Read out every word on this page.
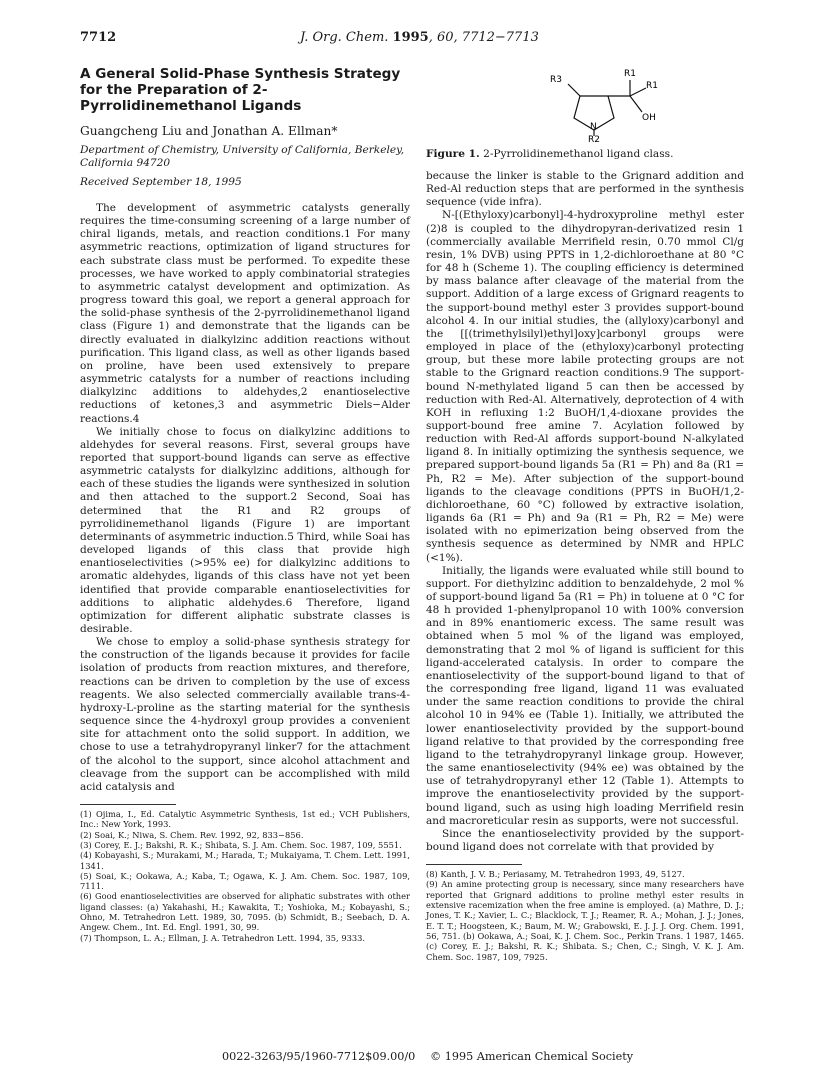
7712	J. Org. Chem. 1995, 60, 7712−7713
A General Solid-Phase Synthesis Strategy for the Preparation of 2-Pyrrolidinemethanol Ligands
Guangcheng Liu and Jonathan A. Ellman*
Department of Chemistry, University of California, Berkeley, California 94720
Received September 18, 1995

The development of asymmetric catalysts generally requires the time-consuming screening of a large number of chiral ligands, metals, and reaction conditions.1 For many asymmetric reactions, optimization of ligand structures for each substrate class must be performed. To expedite these processes, we have worked to apply combinatorial strategies to asymmetric catalyst development and optimization. As progress toward this goal, we report a general approach for the solid-phase synthesis of the 2-pyrrolidinemethanol ligand class (Figure 1) and demonstrate that the ligands can be directly evaluated in dialkylzinc addition reactions without purification. This ligand class, as well as other ligands based on proline, have been used extensively to prepare asymmetric catalysts for a number of reactions including dialkylzinc additions to aldehydes,2 enantioselective reductions of ketones,3 and asymmetric Diels−Alder reactions.4

We initially chose to focus on dialkylzinc additions to aldehydes for several reasons. First, several groups have reported that support-bound ligands can serve as effective asymmetric catalysts for dialkylzinc additions, although for each of these studies the ligands were synthesized in solution and then attached to the support.2 Second, Soai has determined that the R1 and R2 groups of pyrrolidinemethanol ligands (Figure 1) are important determinants of asymmetric induction.5 Third, while Soai has developed ligands of this class that provide high enantioselectivities (>95% ee) for dialkylzinc additions to aromatic aldehydes, ligands of this class have not yet been identified that provide comparable enantioselectivities for additions to aliphatic aldehydes.6 Therefore, ligand optimization for different aliphatic substrate classes is desirable.

We chose to employ a solid-phase synthesis strategy for the construction of the ligands because it provides for facile isolation of products from reaction mixtures, and therefore, reactions can be driven to completion by the use of excess reagents. We also selected commercially available trans-4-hydroxy-L-proline as the starting material for the synthesis sequence since the 4-hydroxyl group provides a convenient site for attachment onto the solid support. In addition, we chose to use a tetrahydropyranyl linker7 for the attachment of the alcohol to the support, since alcohol attachment and cleavage from the support can be accomplished with mild acid catalysis and

(1) Ojima, I., Ed. Catalytic Asymmetric Synthesis, 1st ed.; VCH Publishers, Inc.: New York, 1993.

(2) Soai, K.; Niwa, S. Chem. Rev. 1992, 92, 833−856.

(3) Corey, E. J.; Bakshi, R. K.; Shibata, S. J. Am. Chem. Soc. 1987, 109, 5551.

(4) Kobayashi, S.; Murakami, M.; Harada, T.; Mukaiyama, T. Chem. Lett. 1991, 1341.

(5) Soai, K.; Ookawa, A.; Kaba, T.; Ogawa, K. J. Am. Chem. Soc. 1987, 109, 7111.

(6) Good enantioselectivities are observed for aliphatic substrates with other ligand classes: (a) Yakahashi, H.; Kawakita, T.; Yoshioka, M.; Kobayashi, S.; Ohno, M. Tetrahedron Lett. 1989, 30, 7095. (b) Schmidt, B.; Seebach, D. A. Angew. Chem., Int. Ed. Engl. 1991, 30, 99.

(7) Thompson, L. A.; Ellman, J. A. Tetrahedron Lett. 1994, 35, 9333.

R3
R1
R1
N
OH
R2
Figure 1. 2-Pyrrolidinemethanol ligand class.

because the linker is stable to the Grignard addition and Red-Al reduction steps that are performed in the synthesis sequence (vide infra).

N-[(Ethyloxy)carbonyl]-4-hydroxyproline methyl ester (2)8 is coupled to the dihydropyran-derivatized resin 1 (commercially available Merrifield resin, 0.70 mmol Cl/g resin, 1% DVB) using PPTS in 1,2-dichloroethane at 80 °C for 48 h (Scheme 1). The coupling efficiency is determined by mass balance after cleavage of the material from the support. Addition of a large excess of Grignard reagents to the support-bound methyl ester 3 provides support-bound alcohol 4. In our initial studies, the (allyloxy)carbonyl and the [[(trimethylsilyl)ethyl]oxy]carbonyl groups were employed in place of the (ethyloxy)carbonyl protecting group, but these more labile protecting groups are not stable to the Grignard reaction conditions.9 The support-bound N-methylated ligand 5 can then be accessed by reduction with Red-Al. Alternatively, deprotection of 4 with KOH in refluxing 1:2 BuOH/1,4-dioxane provides the support-bound free amine 7. Acylation followed by reduction with Red-Al affords support-bound N-alkylated ligand 8. In initially optimizing the synthesis sequence, we prepared support-bound ligands 5a (R1 = Ph) and 8a (R1 = Ph, R2 = Me). After subjection of the support-bound ligands to the cleavage conditions (PPTS in BuOH/1,2-dichloroethane, 60 °C) followed by extractive isolation, ligands 6a (R1 = Ph) and 9a (R1 = Ph, R2 = Me) were isolated with no epimerization being observed from the synthesis sequence as determined by NMR and HPLC (<1%).

Initially, the ligands were evaluated while still bound to support. For diethylzinc addition to benzaldehyde, 2 mol % of support-bound ligand 5a (R1 = Ph) in toluene at 0 °C for 48 h provided 1-phenylpropanol 10 with 100% conversion and in 89% enantiomeric excess. The same result was obtained when 5 mol % of the ligand was employed, demonstrating that 2 mol % of ligand is sufficient for this ligand-accelerated catalysis. In order to compare the enantioselectivity of the support-bound ligand to that of the corresponding free ligand, ligand 11 was evaluated under the same reaction conditions to provide the chiral alcohol 10 in 94% ee (Table 1). Initially, we attributed the lower enantioselectivity provided by the support-bound ligand relative to that provided by the corresponding free ligand to the tetrahydropyranyl linkage group. However, the same enantioselectivity (94% ee) was obtained by the use of tetrahydropyranyl ether 12 (Table 1). Attempts to improve the enantioselectivity provided by the support-bound ligand, such as using high loading Merrifield resin and macroreticular resin as supports, were not successful.

Since the enantioselectivity provided by the support-bound ligand does not correlate with that provided by

(8) Kanth, J. V. B.; Periasamy, M. Tetrahedron 1993, 49, 5127.

(9) An amine protecting group is necessary, since many researchers have reported that Grignard additions to proline methyl ester results in extensive racemization when the free amine is employed. (a) Mathre, D. J.; Jones, T. K.; Xavier, L. C.; Blacklock, T. J.; Reamer, R. A.; Mohan, J. J.; Jones, E. T. T.; Hoogsteen, K.; Baum, M. W.; Grabowski, E. J. J. J. Org. Chem. 1991, 56, 751. (b) Ookawa, A.; Soai, K. J. Chem. Soc., Perkin Trans. 1 1987, 1465. (c) Corey, E. J.; Bakshi, R. K.; Shibata. S.; Chen, C.; Singh, V. K. J. Am. Chem. Soc. 1987, 109, 7925.

0022-3263/95/1960-7712$09.00/0 © 1995 American Chemical Society
